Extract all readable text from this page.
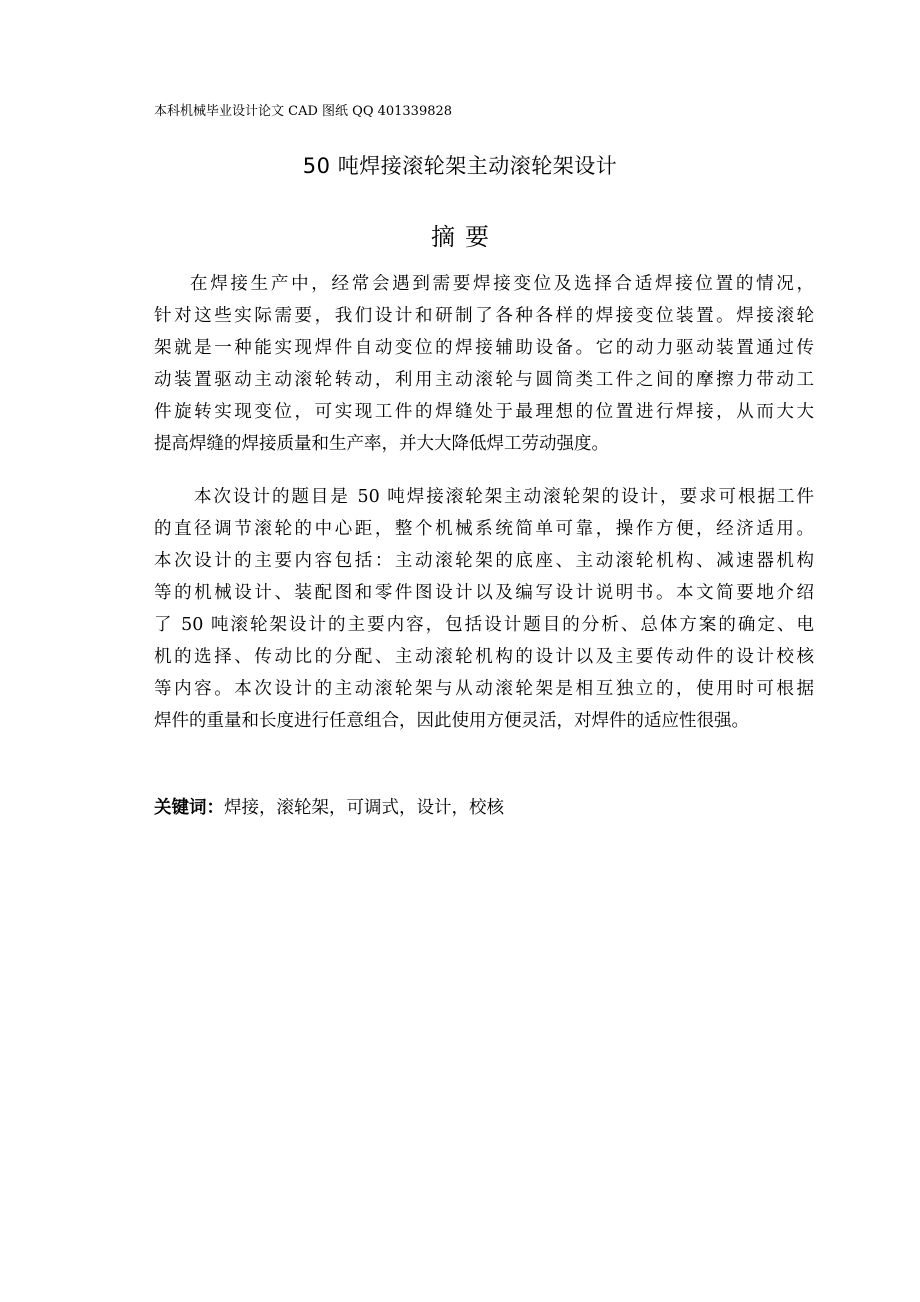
本科机械毕业设计论文 CAD 图纸 QQ 401339828
50 吨焊接滚轮架主动滚轮架设计
摘要
在焊接生产中，经常会遇到需要焊接变位及选择合适焊接位置的情况，
针对这些实际需要，我们设计和研制了各种各样的焊接变位装置。焊接滚轮
架就是一种能实现焊件自动变位的焊接辅助设备。它的动力驱动装置通过传
动装置驱动主动滚轮转动，利用主动滚轮与圆筒类工件之间的摩擦力带动工
件旋转实现变位，可实现工件的焊缝处于最理想的位置进行焊接，从而大大
提高焊缝的焊接质量和生产率，并大大降低焊工劳动强度。
本次设计的题目是 50 吨焊接滚轮架主动滚轮架的设计，要求可根据工件
的直径调节滚轮的中心距，整个机械系统简单可靠，操作方便，经济适用。
本次设计的主要内容包括：主动滚轮架的底座、主动滚轮机构、减速器机构
等的机械设计、装配图和零件图设计以及编写设计说明书。本文简要地介绍
了 50 吨滚轮架设计的主要内容，包括设计题目的分析、总体方案的确定、电
机的选择、传动比的分配、主动滚轮机构的设计以及主要传动件的设计校核
等内容。本次设计的主动滚轮架与从动滚轮架是相互独立的，使用时可根据
焊件的重量和长度进行任意组合，因此使用方便灵活，对焊件的适应性很强。
关键词：焊接，滚轮架，可调式，设计，校核
